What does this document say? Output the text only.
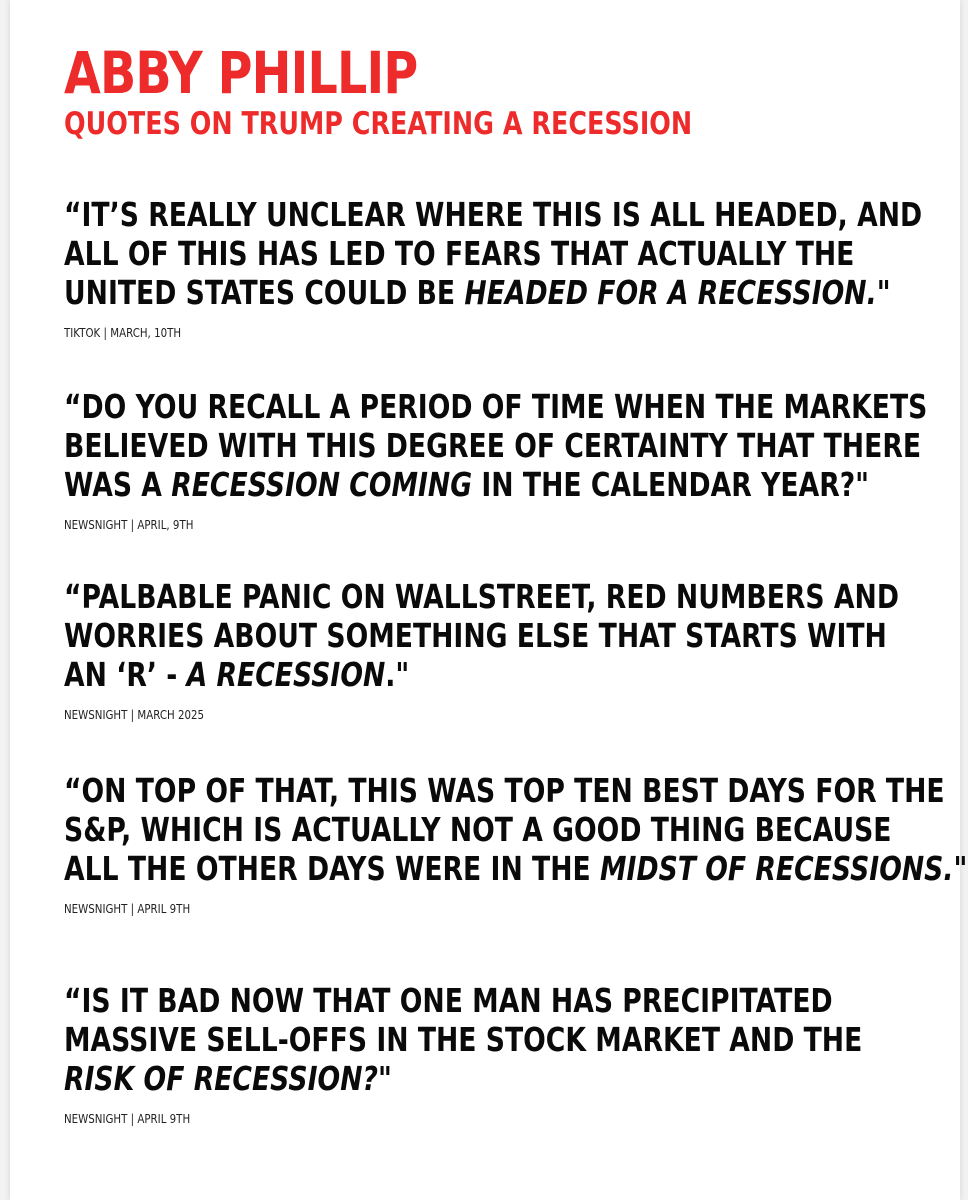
ABBY PHILLIP
QUOTES ON TRUMP CREATING A RECESSION
“IT’S REALLY UNCLEAR WHERE THIS IS ALL HEADED, AND
ALL OF THIS HAS LED TO FEARS THAT ACTUALLY THE
UNITED STATES COULD BE HEADED FOR A RECESSION."
TIKTOK | MARCH, 10TH
“DO YOU RECALL A PERIOD OF TIME WHEN THE MARKETS
BELIEVED WITH THIS DEGREE OF CERTAINTY THAT THERE
WAS A RECESSION COMING IN THE CALENDAR YEAR?"
NEWSNIGHT | APRIL, 9TH
“PALBABLE PANIC ON WALLSTREET, RED NUMBERS AND
WORRIES ABOUT SOMETHING ELSE THAT STARTS WITH
AN ‘R’ - A RECESSION."
NEWSNIGHT | MARCH 2025
“ON TOP OF THAT, THIS WAS TOP TEN BEST DAYS FOR THE
S&P, WHICH IS ACTUALLY NOT A GOOD THING BECAUSE
ALL THE OTHER DAYS WERE IN THE MIDST OF RECESSIONS."
NEWSNIGHT | APRIL 9TH
“IS IT BAD NOW THAT ONE MAN HAS PRECIPITATED
MASSIVE SELL-OFFS IN THE STOCK MARKET AND THE
RISK OF RECESSION?"
NEWSNIGHT | APRIL 9TH
